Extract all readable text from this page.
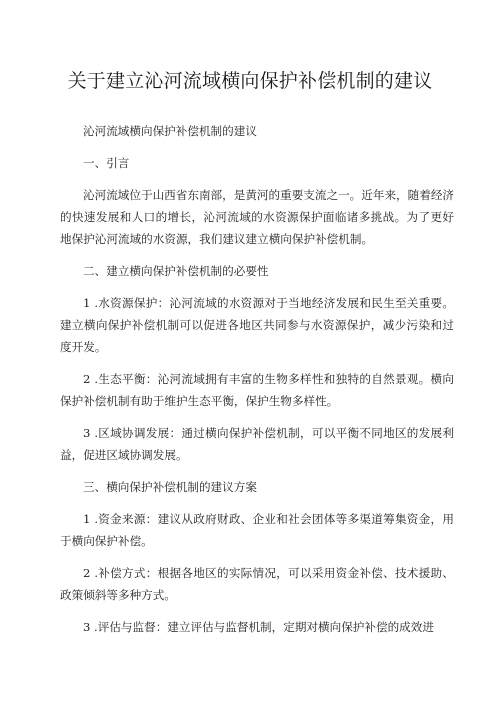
关于建立沁河流域横向保护补偿机制的建议

沁河流域横向保护补偿机制的建议

一、引言

沁河流域位于山西省东南部，是黄河的重要支流之一。近年来，随着经济的快速发展和人口的增长，沁河流域的水资源保护面临诸多挑战。为了更好地保护沁河流域的水资源，我们建议建立横向保护补偿机制。

二、建立横向保护补偿机制的必要性

1 .水资源保护：沁河流域的水资源对于当地经济发展和民生至关重要。建立横向保护补偿机制可以促进各地区共同参与水资源保护，减少污染和过度开发。

2 .生态平衡：沁河流域拥有丰富的生物多样性和独特的自然景观。横向保护补偿机制有助于维护生态平衡，保护生物多样性。

3 .区域协调发展：通过横向保护补偿机制，可以平衡不同地区的发展利益，促进区域协调发展。

三、横向保护补偿机制的建议方案

1 .资金来源：建议从政府财政、企业和社会团体等多渠道筹集资金，用于横向保护补偿。

2 .补偿方式：根据各地区的实际情况，可以采用资金补偿、技术援助、政策倾斜等多种方式。

3 .评估与监督：建立评估与监督机制，定期对横向保护补偿的成效进
